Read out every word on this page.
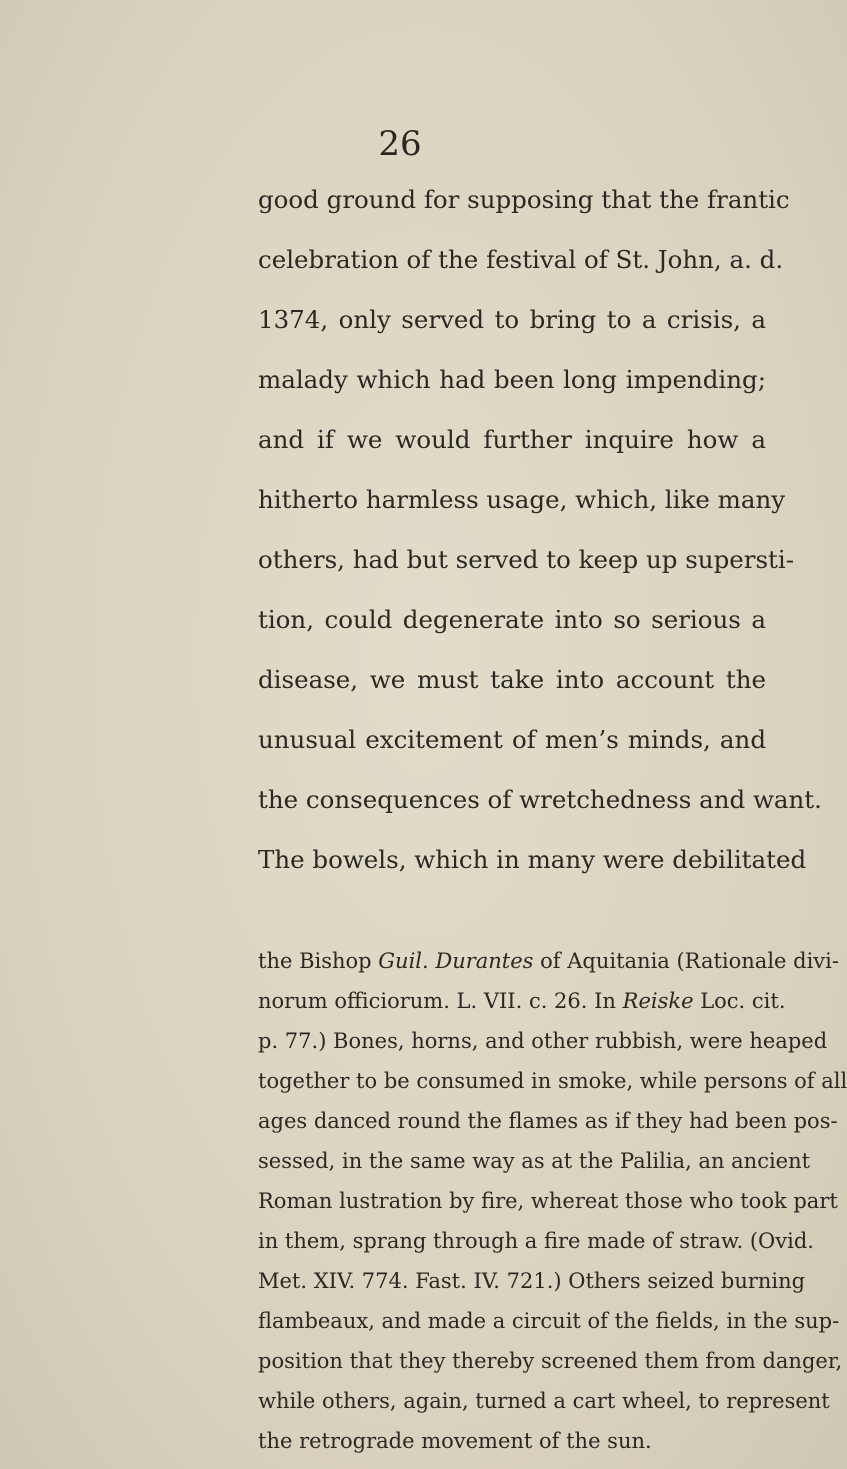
26
good ground for supposing that the frantic
celebration of the festival of St. John, a. d.
1374, only served to bring to a crisis, a
malady which had been long impending;
and if we would further inquire how a
hitherto harmless usage, which, like many
others, had but served to keep up supersti-
tion, could degenerate into so serious a
disease, we must take into account the
unusual excitement of men’s minds, and
the consequences of wretchedness and want.
The bowels, which in many were debilitated
the Bishop Guil. Durantes of Aquitania (Rationale divi-
norum officiorum. L. VII. c. 26. In Reiske Loc. cit.
p. 77.) Bones, horns, and other rubbish, were heaped
together to be consumed in smoke, while persons of all
ages danced round the flames as if they had been pos-
sessed, in the same way as at the Palilia, an ancient
Roman lustration by fire, whereat those who took part
in them, sprang through a fire made of straw. (Ovid.
Met. XIV. 774. Fast. IV. 721.) Others seized burning
flambeaux, and made a circuit of the fields, in the sup-
position that they thereby screened them from danger,
while others, again, turned a cart wheel, to represent
the retrograde movement of the sun.
